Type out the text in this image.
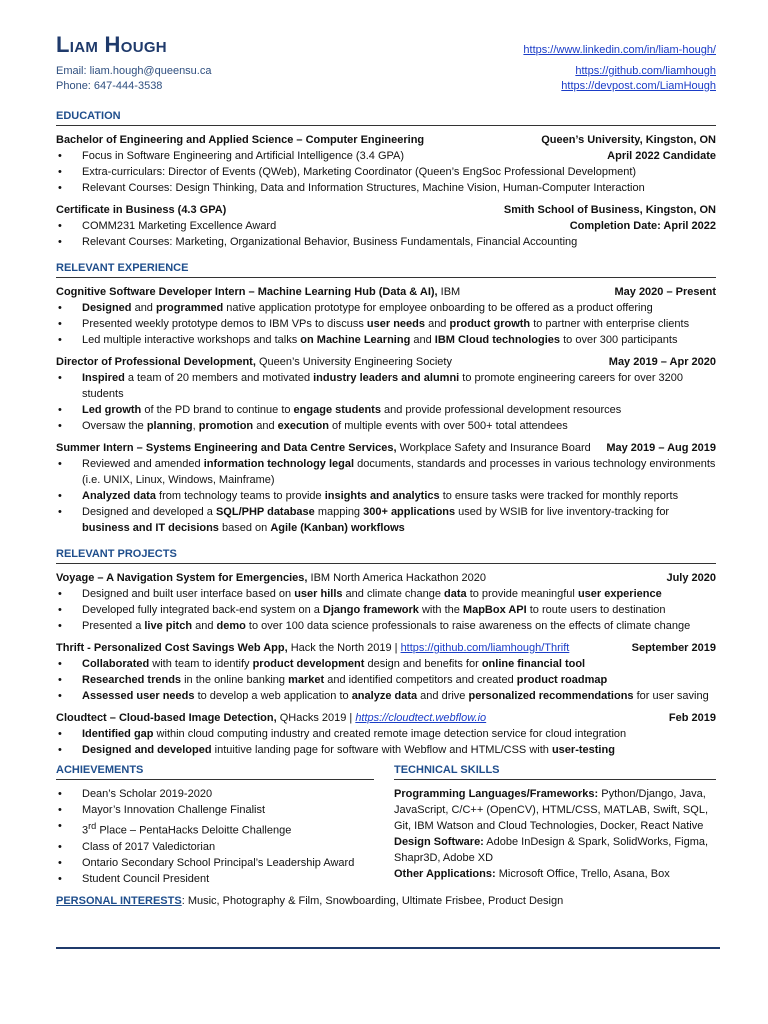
Liam Hough
Email: liam.hough@queensu.ca
Phone: 647-444-3538
https://www.linkedin.com/in/liam-hough/
https://github.com/liamhough
https://devpost.com/LiamHough
EDUCATION
Bachelor of Engineering and Applied Science – Computer Engineering	Queen’s University, Kingston, ON
• Focus in Software Engineering and Artificial Intelligence (3.4 GPA)	April 2022 Candidate
• Extra-curriculars: Director of Events (QWeb), Marketing Coordinator (Queen’s EngSoc Professional Development)
• Relevant Courses: Design Thinking, Data and Information Structures, Machine Vision, Human-Computer Interaction
Certificate in Business (4.3 GPA)	Smith School of Business, Kingston, ON
• COMM231 Marketing Excellence Award	Completion Date: April 2022
• Relevant Courses: Marketing, Organizational Behavior, Business Fundamentals, Financial Accounting
RELEVANT EXPERIENCE
Cognitive Software Developer Intern – Machine Learning Hub (Data & AI), IBM	May 2020 – Present
• Designed and programmed native application prototype for employee onboarding to be offered as a product offering
• Presented weekly prototype demos to IBM VPs to discuss user needs and product growth to partner with enterprise clients
• Led multiple interactive workshops and talks on Machine Learning and IBM Cloud technologies to over 300 participants
Director of Professional Development, Queen’s University Engineering Society	May 2019 – Apr 2020
• Inspired a team of 20 members and motivated industry leaders and alumni to promote engineering careers for over 3200 students
• Led growth of the PD brand to continue to engage students and provide professional development resources
• Oversaw the planning, promotion and execution of multiple events with over 500+ total attendees
Summer Intern – Systems Engineering and Data Centre Services, Workplace Safety and Insurance Board	May 2019 – Aug 2019
• Reviewed and amended information technology legal documents, standards and processes in various technology environments (i.e. UNIX, Linux, Windows, Mainframe)
• Analyzed data from technology teams to provide insights and analytics to ensure tasks were tracked for monthly reports
• Designed and developed a SQL/PHP database mapping 300+ applications used by WSIB for live inventory-tracking for business and IT decisions based on Agile (Kanban) workflows
RELEVANT PROJECTS
Voyage – A Navigation System for Emergencies, IBM North America Hackathon 2020	July 2020
• Designed and built user interface based on user hills and climate change data to provide meaningful user experience
• Developed fully integrated back-end system on a Django framework with the MapBox API to route users to destination
• Presented a live pitch and demo to over 100 data science professionals to raise awareness on the effects of climate change
Thrift - Personalized Cost Savings Web App, Hack the North 2019 | https://github.com/liamhough/Thrift	September 2019
• Collaborated with team to identify product development design and benefits for online financial tool
• Researched trends in the online banking market and identified competitors and created product roadmap
• Assessed user needs to develop a web application to analyze data and drive personalized recommendations for user saving
Cloudtect – Cloud-based Image Detection, QHacks 2019 | https://cloudtect.webflow.io	Feb 2019
• Identified gap within cloud computing industry and created remote image detection service for cloud integration
• Designed and developed intuitive landing page for software with Webflow and HTML/CSS with user-testing
ACHIEVEMENTS
• Dean’s Scholar 2019-2020
• Mayor’s Innovation Challenge Finalist
• 3rd Place – PentaHacks Deloitte Challenge
• Class of 2017 Valedictorian
• Ontario Secondary School Principal’s Leadership Award
• Student Council President
TECHNICAL SKILLS
Programming Languages/Frameworks: Python/Django, Java, JavaScript, C/C++ (OpenCV), HTML/CSS, MATLAB, Swift, SQL, Git, IBM Watson and Cloud Technologies, Docker, React Native
Design Software: Adobe InDesign & Spark, SolidWorks, Figma, Shapr3D, Adobe XD
Other Applications: Microsoft Office, Trello, Asana, Box
PERSONAL INTERESTS: Music, Photography & Film, Snowboarding, Ultimate Frisbee, Product Design
